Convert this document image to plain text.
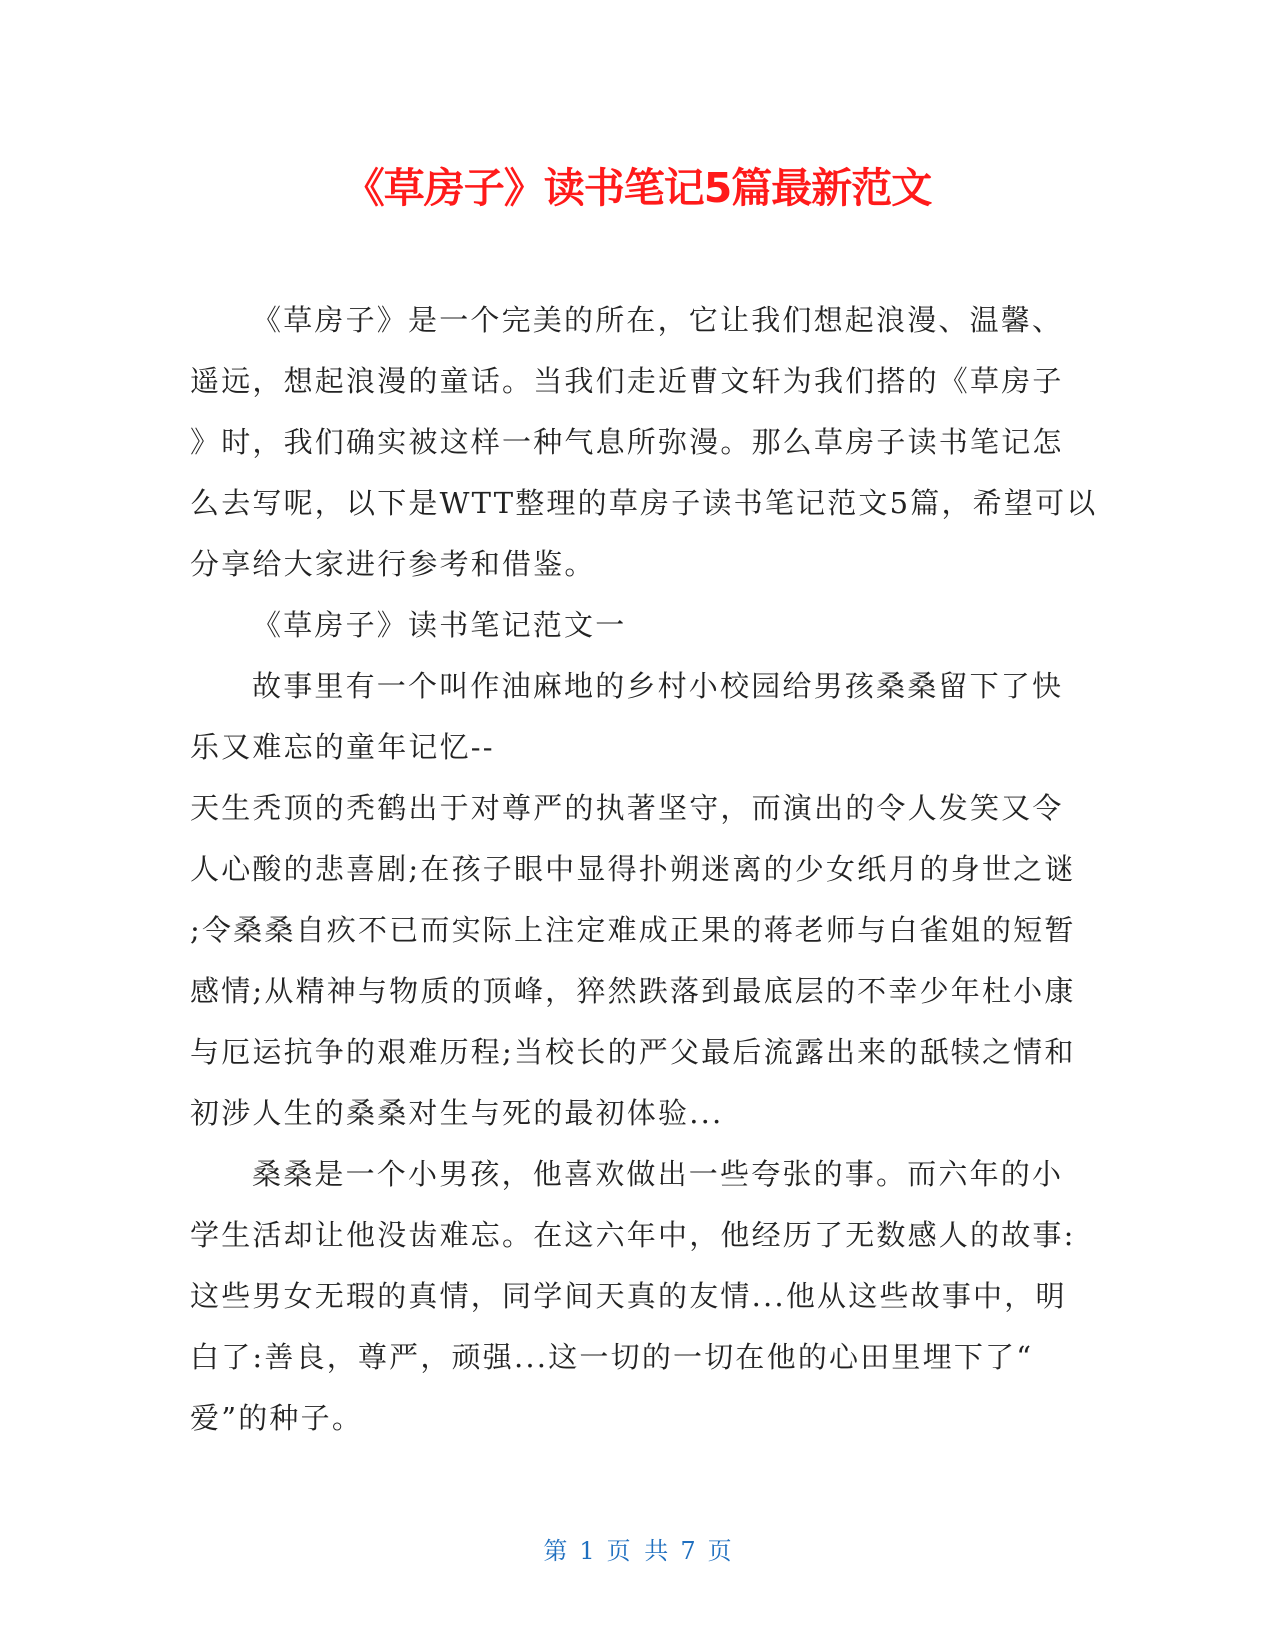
《草房子》读书笔记5篇最新范文
《草房子》是一个完美的所在，它让我们想起浪漫、温馨、
遥远，想起浪漫的童话。当我们走近曹文轩为我们搭的《草房子
》时，我们确实被这样一种气息所弥漫。那么草房子读书笔记怎
么去写呢，以下是WTT整理的草房子读书笔记范文5篇，希望可以
分享给大家进行参考和借鉴。
《草房子》读书笔记范文一
故事里有一个叫作油麻地的乡村小校园给男孩桑桑留下了快
乐又难忘的童年记忆--
天生秃顶的秃鹤出于对尊严的执著坚守，而演出的令人发笑又令
人心酸的悲喜剧;在孩子眼中显得扑朔迷离的少女纸月的身世之谜
;令桑桑自疚不已而实际上注定难成正果的蒋老师与白雀姐的短暂
感情;从精神与物质的顶峰，猝然跌落到最底层的不幸少年杜小康
与厄运抗争的艰难历程;当校长的严父最后流露出来的舐犊之情和
初涉人生的桑桑对生与死的最初体验...
桑桑是一个小男孩，他喜欢做出一些夸张的事。而六年的小
学生活却让他没齿难忘。在这六年中，他经历了无数感人的故事:
这些男女无瑕的真情，同学间天真的友情...他从这些故事中，明
白了:善良，尊严，顽强...这一切的一切在他的心田里埋下了“
爱”的种子。
第 1 页 共 7 页
